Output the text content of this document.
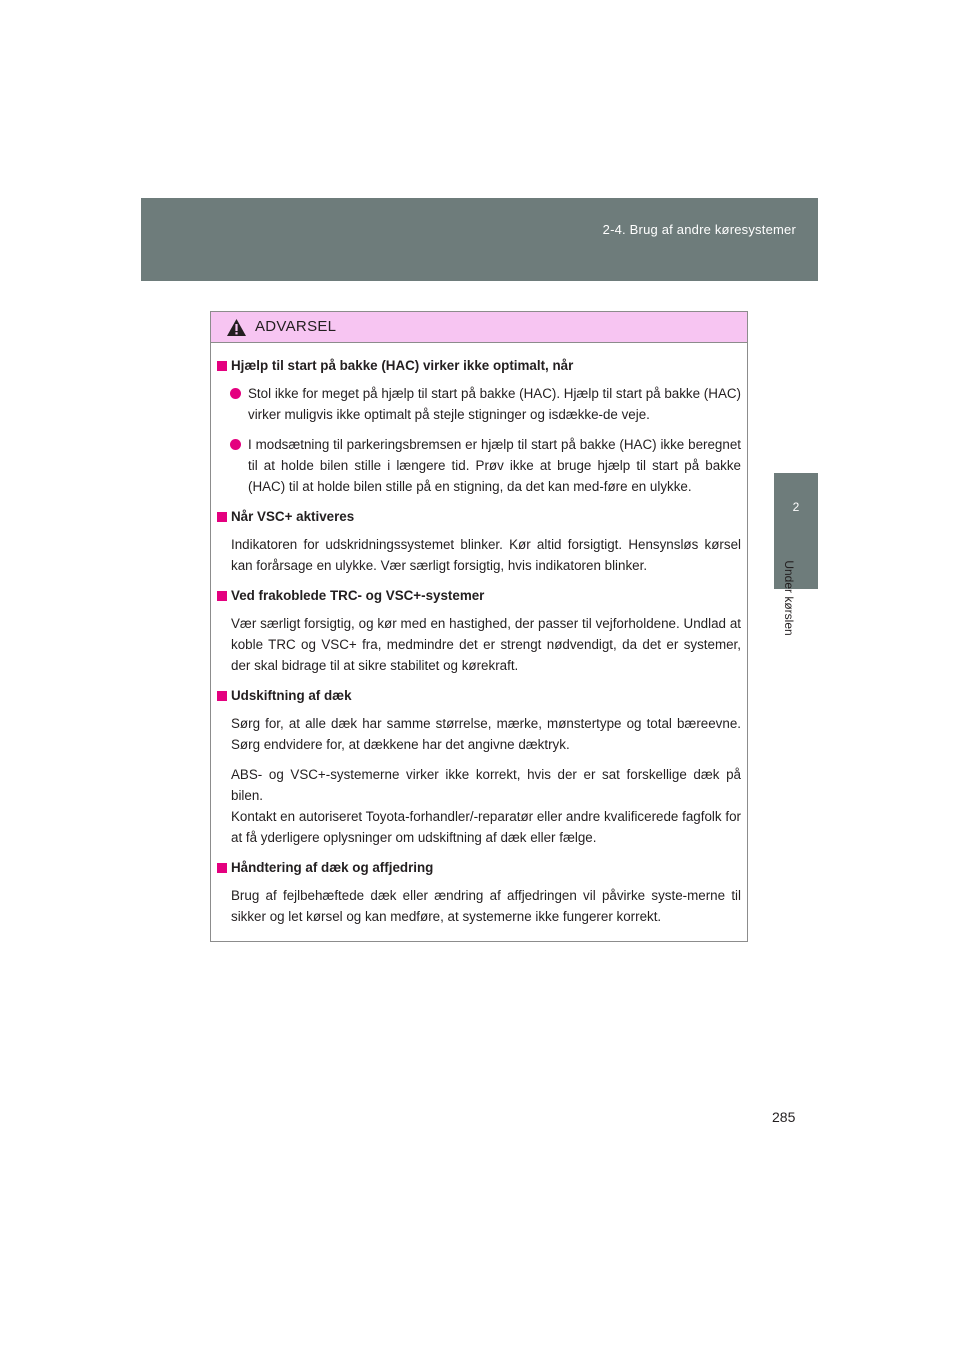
2-4. Brug af andre køresystemer
2
Under kørslen
ADVARSEL
Hjælp til start på bakke (HAC) virker ikke optimalt, når
Stol ikke for meget på hjælp til start på bakke (HAC). Hjælp til start på bakke (HAC) virker muligvis ikke optimalt på stejle stigninger og isdække-de veje.
I modsætning til parkeringsbremsen er hjælp til start på bakke (HAC) ikke beregnet til at holde bilen stille i længere tid. Prøv ikke at bruge hjælp til start på bakke (HAC) til at holde bilen stille på en stigning, da det kan med-føre en ulykke.
Når VSC+ aktiveres
Indikatoren for udskridningssystemet blinker. Kør altid forsigtigt. Hensynsløs kørsel kan forårsage en ulykke. Vær særligt forsigtig, hvis indikatoren blinker.
Ved frakoblede TRC- og VSC+-systemer
Vær særligt forsigtig, og kør med en hastighed, der passer til vejforholdene. Undlad at koble TRC og VSC+ fra, medmindre det er strengt nødvendigt, da det er systemer, der skal bidrage til at sikre stabilitet og kørekraft.
Udskiftning af dæk
Sørg for, at alle dæk har samme størrelse, mærke, mønstertype og total bæreevne. Sørg endvidere for, at dækkene har det angivne dæktryk.
ABS- og VSC+-systemerne virker ikke korrekt, hvis der er sat forskellige dæk på bilen.
Kontakt en autoriseret Toyota-forhandler/-reparatør eller andre kvalificerede fagfolk for at få yderligere oplysninger om udskiftning af dæk eller fælge.
Håndtering af dæk og affjedring
Brug af fejlbehæftede dæk eller ændring af affjedringen vil påvirke syste-merne til sikker og let kørsel og kan medføre, at systemerne ikke fungerer korrekt.
285
